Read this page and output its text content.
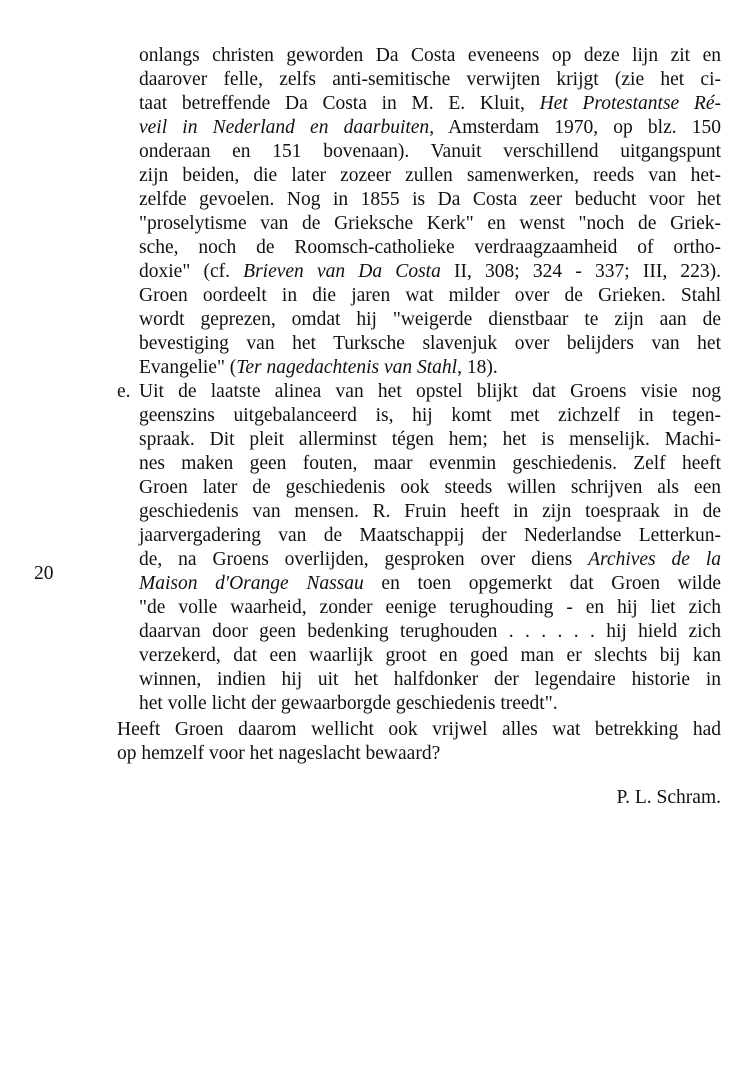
onlangs christen geworden Da Costa eveneens op deze lijn zit en
daarover felle, zelfs anti-semitische verwijten krijgt (zie het ci-
taat betreffende Da Costa in M. E. Kluit, Het Protestantse Ré-
veil in Nederland en daarbuiten, Amsterdam 1970, op blz. 150
onderaan en 151 bovenaan). Vanuit verschillend uitgangspunt
zijn beiden, die later zozeer zullen samenwerken, reeds van het-
zelfde gevoelen. Nog in 1855 is Da Costa zeer beducht voor het
"proselytisme van de Grieksche Kerk" en wenst "noch de Griek-
sche, noch de Roomsch-catholieke verdraagzaamheid of ortho-
doxie" (cf. Brieven van Da Costa II, 308; 324 - 337; III, 223).
Groen oordeelt in die jaren wat milder over de Grieken. Stahl
wordt geprezen, omdat hij "weigerde dienstbaar te zijn aan de
bevestiging van het Turksche slavenjuk over belijders van het
Evangelie" (Ter nagedachtenis van Stahl, 18).
e. Uit de laatste alinea van het opstel blijkt dat Groens visie nog
geenszins uitgebalanceerd is, hij komt met zichzelf in tegen-
spraak. Dit pleit allerminst tégen hem; het is menselijk. Machi-
nes maken geen fouten, maar evenmin geschiedenis. Zelf heeft
Groen later de geschiedenis ook steeds willen schrijven als een
geschiedenis van mensen. R. Fruin heeft in zijn toespraak in de
jaarvergadering van de Maatschappij der Nederlandse Letterkun-
de, na Groens overlijden, gesproken over diens Archives de la
Maison d'Orange Nassau en toen opgemerkt dat Groen wilde
"de volle waarheid, zonder eenige terughouding - en hij liet zich
daarvan door geen bedenking terughouden . . . . . . hij hield zich
verzekerd, dat een waarlijk groot en goed man er slechts bij kan
winnen, indien hij uit het halfdonker der legendaire historie in
het volle licht der gewaarborgde geschiedenis treedt".
20
Heeft Groen daarom wellicht ook vrijwel alles wat betrekking had
op hemzelf voor het nageslacht bewaard?
P. L. Schram.
